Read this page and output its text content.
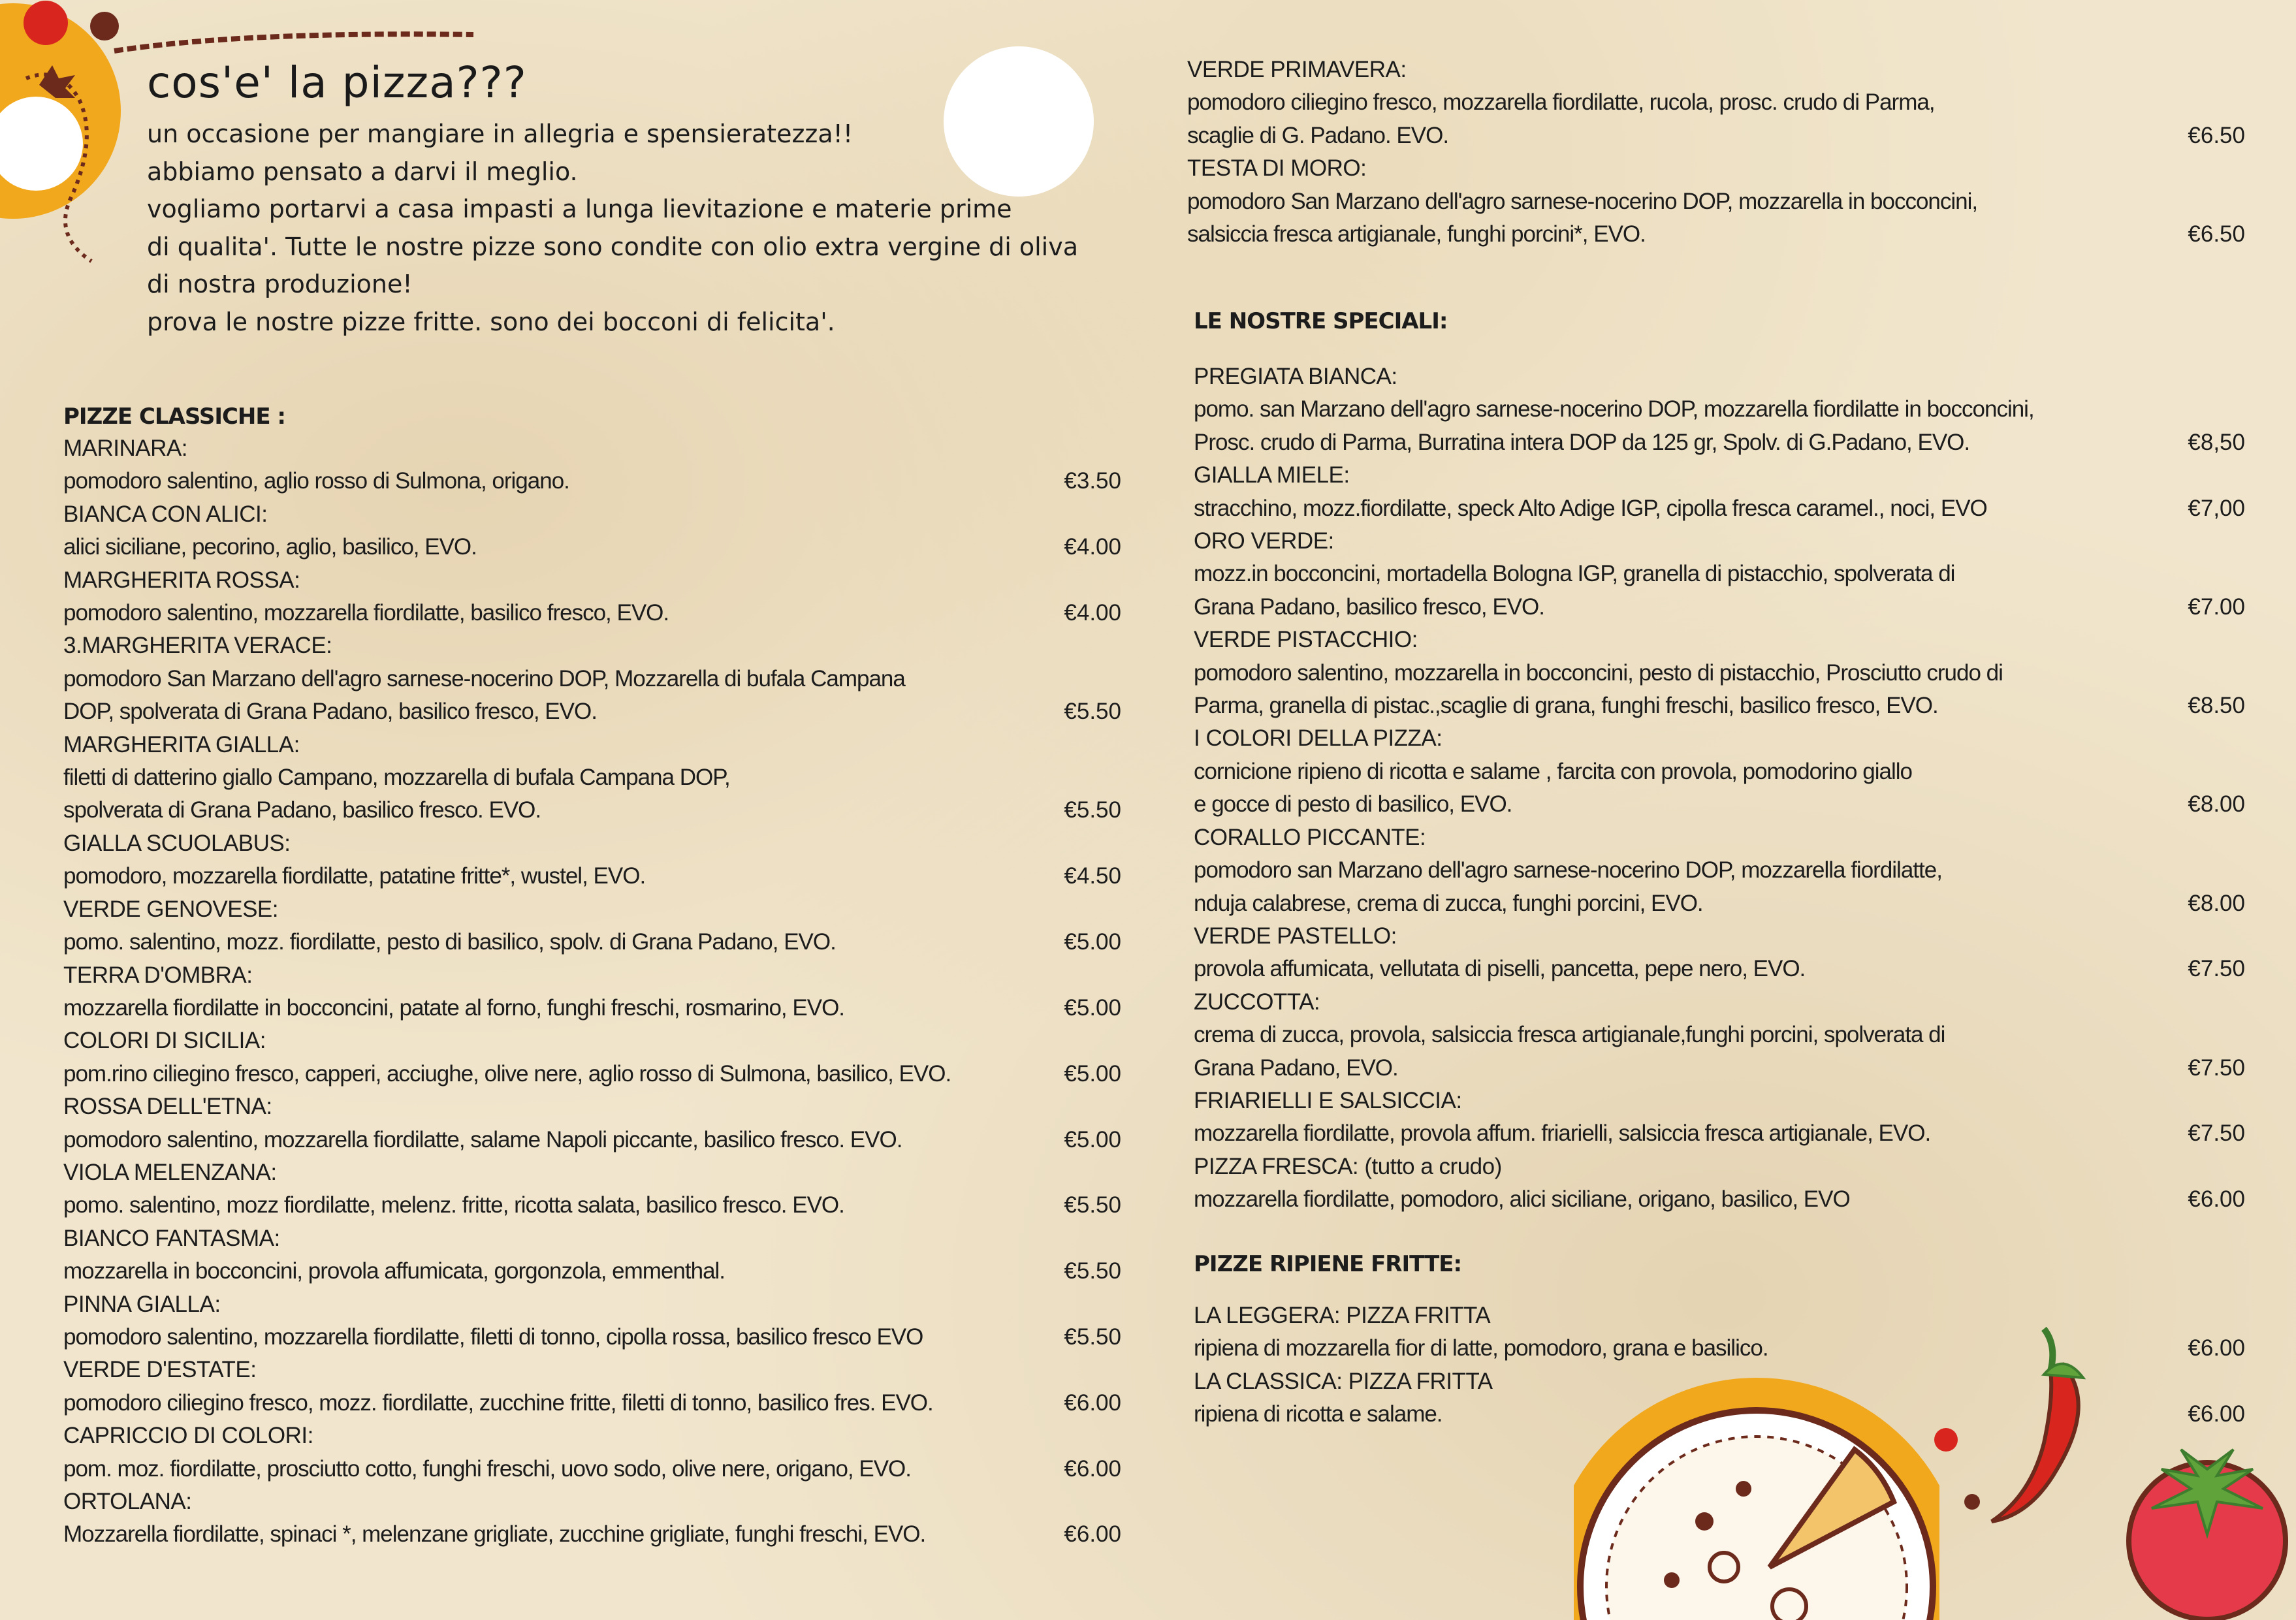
cos'e' la pizza???

un occasione per mangiare in allegria e spensieratezza!!

abbiamo pensato a darvi il meglio.

vogliamo portarvi a casa impasti a lunga lievitazione e materie prime

di qualita'. Tutte le nostre pizze sono condite con olio extra vergine di oliva

di nostra produzione!

prova le nostre pizze fritte. sono dei bocconi di felicita'.

PIZZE CLASSICHE :
MARINARA:
pomodoro salentino, aglio rosso di Sulmona, origano.	€3.50
BIANCA CON ALICI:
alici siciliane, pecorino, aglio, basilico, EVO.	€4.00
MARGHERITA ROSSA:
pomodoro salentino, mozzarella fiordilatte, basilico fresco, EVO.	€4.00
3.MARGHERITA VERACE:
pomodoro San Marzano dell'agro sarnese-nocerino DOP, Mozzarella di bufala Campana
DOP, spolverata di Grana Padano, basilico fresco, EVO.	€5.50
MARGHERITA GIALLA:
filetti di datterino giallo Campano, mozzarella di bufala Campana DOP,
spolverata di Grana Padano, basilico fresco. EVO.	€5.50
GIALLA SCUOLABUS:
pomodoro, mozzarella fiordilatte, patatine fritte*, wustel, EVO.	€4.50
VERDE GENOVESE:
pomo. salentino, mozz. fiordilatte, pesto di basilico, spolv. di Grana Padano, EVO.	€5.00
TERRA D'OMBRA:
mozzarella fiordilatte in bocconcini, patate al forno, funghi freschi, rosmarino, EVO.	€5.00
COLORI DI SICILIA:
pom.rino ciliegino fresco, capperi, acciughe, olive nere, aglio rosso di Sulmona, basilico, EVO.	€5.00
ROSSA DELL'ETNA:
pomodoro salentino, mozzarella fiordilatte, salame Napoli piccante, basilico fresco. EVO.	€5.00
VIOLA MELENZANA:
pomo. salentino, mozz fiordilatte, melenz. fritte, ricotta salata, basilico fresco. EVO.	€5.50
BIANCO FANTASMA:
mozzarella in bocconcini, provola affumicata, gorgonzola, emmenthal.	€5.50
PINNA GIALLA:
pomodoro salentino, mozzarella fiordilatte, filetti di tonno, cipolla rossa, basilico fresco EVO	€5.50
VERDE D'ESTATE:
pomodoro ciliegino fresco, mozz. fiordilatte, zucchine fritte, filetti di tonno, basilico fres. EVO.	€6.00
CAPRICCIO DI COLORI:
pom. moz. fiordilatte, prosciutto cotto, funghi freschi, uovo sodo, olive nere, origano, EVO.	€6.00
ORTOLANA:
Mozzarella fiordilatte, spinaci *, melenzane grigliate, zucchine grigliate, funghi freschi, EVO.	€6.00
VERDE PRIMAVERA:
pomodoro ciliegino fresco, mozzarella fiordilatte, rucola, prosc. crudo di Parma,
scaglie di G. Padano. EVO.	€6.50
TESTA DI MORO:
pomodoro San Marzano dell'agro sarnese-nocerino DOP, mozzarella in bocconcini,
salsiccia fresca artigianale, funghi porcini*, EVO.	€6.50
LE NOSTRE SPECIALI:
PREGIATA BIANCA:
pomo. san Marzano dell'agro sarnese-nocerino DOP, mozzarella fiordilatte in bocconcini,
Prosc. crudo di Parma, Burratina intera DOP da 125 gr, Spolv. di G.Padano, EVO.	€8,50
GIALLA MIELE:
stracchino, mozz.fiordilatte, speck Alto Adige IGP, cipolla fresca caramel., noci, EVO	€7,00
ORO VERDE:
mozz.in bocconcini, mortadella Bologna IGP, granella di pistacchio, spolverata di
Grana Padano, basilico fresco, EVO.	€7.00
VERDE PISTACCHIO:
pomodoro salentino, mozzarella in bocconcini, pesto di pistacchio, Prosciutto crudo di
Parma, granella di pistac.,scaglie di grana, funghi freschi, basilico fresco, EVO.	€8.50
I COLORI DELLA PIZZA:
cornicione ripieno di ricotta e salame , farcita con provola, pomodorino giallo
e gocce di pesto di basilico, EVO.	€8.00
CORALLO PICCANTE:
pomodoro san Marzano dell'agro sarnese-nocerino DOP, mozzarella fiordilatte,
nduja calabrese, crema di zucca, funghi porcini, EVO.	€8.00
VERDE PASTELLO:
provola affumicata, vellutata di piselli, pancetta, pepe nero, EVO.	€7.50
ZUCCOTTA:
crema di zucca, provola, salsiccia fresca artigianale,funghi porcini, spolverata di
Grana Padano, EVO.	€7.50
FRIARIELLI E SALSICCIA:
mozzarella fiordilatte, provola affum. friarielli, salsiccia fresca artigianale, EVO.	€7.50
PIZZA FRESCA: (tutto a crudo)
mozzarella fiordilatte, pomodoro, alici siciliane, origano, basilico, EVO	€6.00
PIZZE RIPIENE FRITTE:
LA LEGGERA: PIZZA FRITTA
ripiena di mozzarella fior di latte, pomodoro, grana e basilico.	€6.00
LA CLASSICA: PIZZA FRITTA
ripiena di ricotta e salame.	€6.00
